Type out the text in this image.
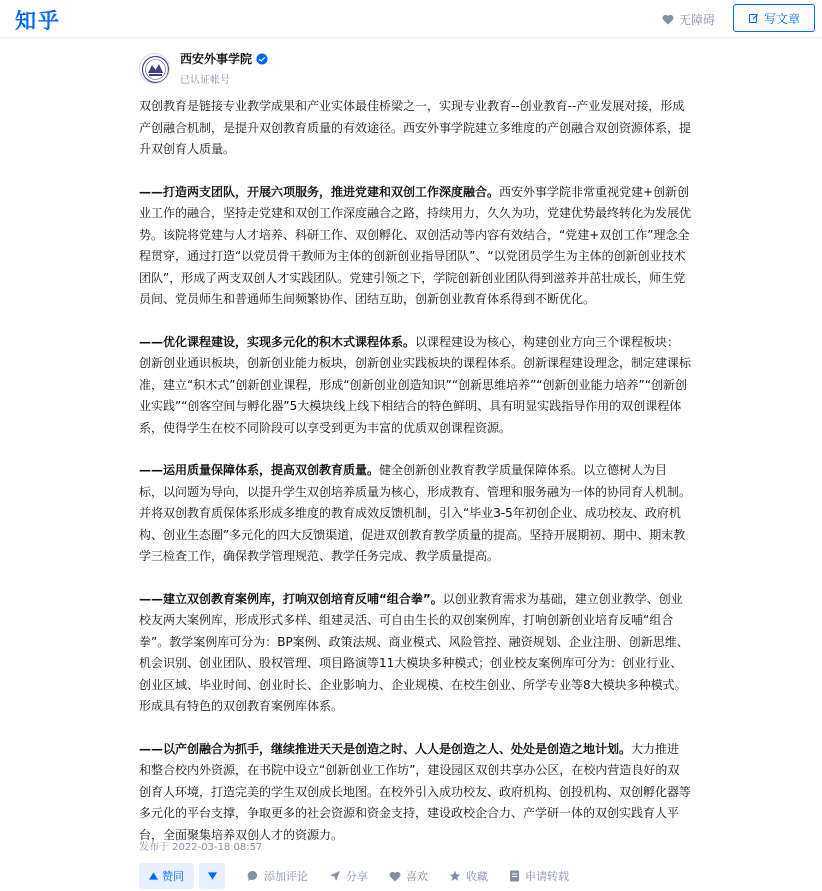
知乎	无障碍	写文章
西安外事学院
已认证帐号

双创教育是链接专业教学成果和产业实体最佳桥梁之一，实现专业教育--创业教育--产业发展对接，形成产创融合机制，是提升双创教育质量的有效途径。西安外事学院建立多维度的产创融合双创资源体系，提升双创育人质量。

——打造两支团队，开展六项服务，推进党建和双创工作深度融合。西安外事学院非常重视党建+创新创业工作的融合，坚持走党建和双创工作深度融合之路，持续用力，久久为功，党建优势最终转化为发展优势。该院将党建与人才培养、科研工作、双创孵化、双创活动等内容有效结合，“党建+双创工作”理念全程贯穿，通过打造“以党员骨干教师为主体的创新创业指导团队”、“以党团员学生为主体的创新创业技术团队”，形成了两支双创人才实践团队。党建引领之下，学院创新创业团队得到滋养并茁壮成长，师生党员间、党员师生和普通师生间频繁协作、团结互助，创新创业教育体系得到不断优化。

——优化课程建设，实现多元化的积木式课程体系。以课程建设为核心，构建创业方向三个课程板块：创新创业通识板块，创新创业能力板块，创新创业实践板块的课程体系。创新课程建设理念，制定建课标准，建立“积木式”创新创业课程，形成“创新创业创造知识”“创新思维培养”“创新创业能力培养”“创新创业实践”“创客空间与孵化器”5大模块线上线下相结合的特色鲜明、具有明显实践指导作用的双创课程体系，使得学生在校不同阶段可以享受到更为丰富的优质双创课程资源。

——运用质量保障体系，提高双创教育质量。健全创新创业教育教学质量保障体系。以立德树人为目标，以问题为导向，以提升学生双创培养质量为核心，形成教育、管理和服务融为一体的协同育人机制。并将双创教育质保体系形成多维度的教育成效反馈机制，引入“毕业3-5年初创企业、成功校友、政府机构、创业生态圈”多元化的四大反馈渠道，促进双创教育教学质量的提高。坚持开展期初、期中、期末教学三检查工作，确保教学管理规范、教学任务完成、教学质量提高。

——建立双创教育案例库，打响双创培育反哺“组合拳”。以创业教育需求为基础，建立创业教学、创业校友两大案例库，形成形式多样、组建灵活、可自由生长的双创案例库，打响创新创业培育反哺“组合拳”。教学案例库可分为：BP案例、政策法规、商业模式、风险管控、融资规划、企业注册、创新思维、机会识别、创业团队、股权管理、项目路演等11大模块多种模式；创业校友案例库可分为：创业行业、创业区域、毕业时间、创业时长、企业影响力、企业规模、在校生创业、所学专业等8大模块多种模式。形成具有特色的双创教育案例库体系。

——以产创融合为抓手，继续推进天天是创造之时、人人是创造之人、处处是创造之地计划。大力推进和整合校内外资源，在书院中设立“创新创业工作坊”，建设园区双创共享办公区，在校内营造良好的双创育人环境，打造完美的学生双创成长地图。在校外引入成功校友、政府机构、创投机构、双创孵化器等多元化的平台支撑，争取更多的社会资源和资金支持，建设政校企合力、产学研一体的双创实践育人平台，全面聚集培养双创人才的资源力。

发布于 2022-03-18 08:57
赞同	添加评论	分享	喜欢	收藏	申请转载
